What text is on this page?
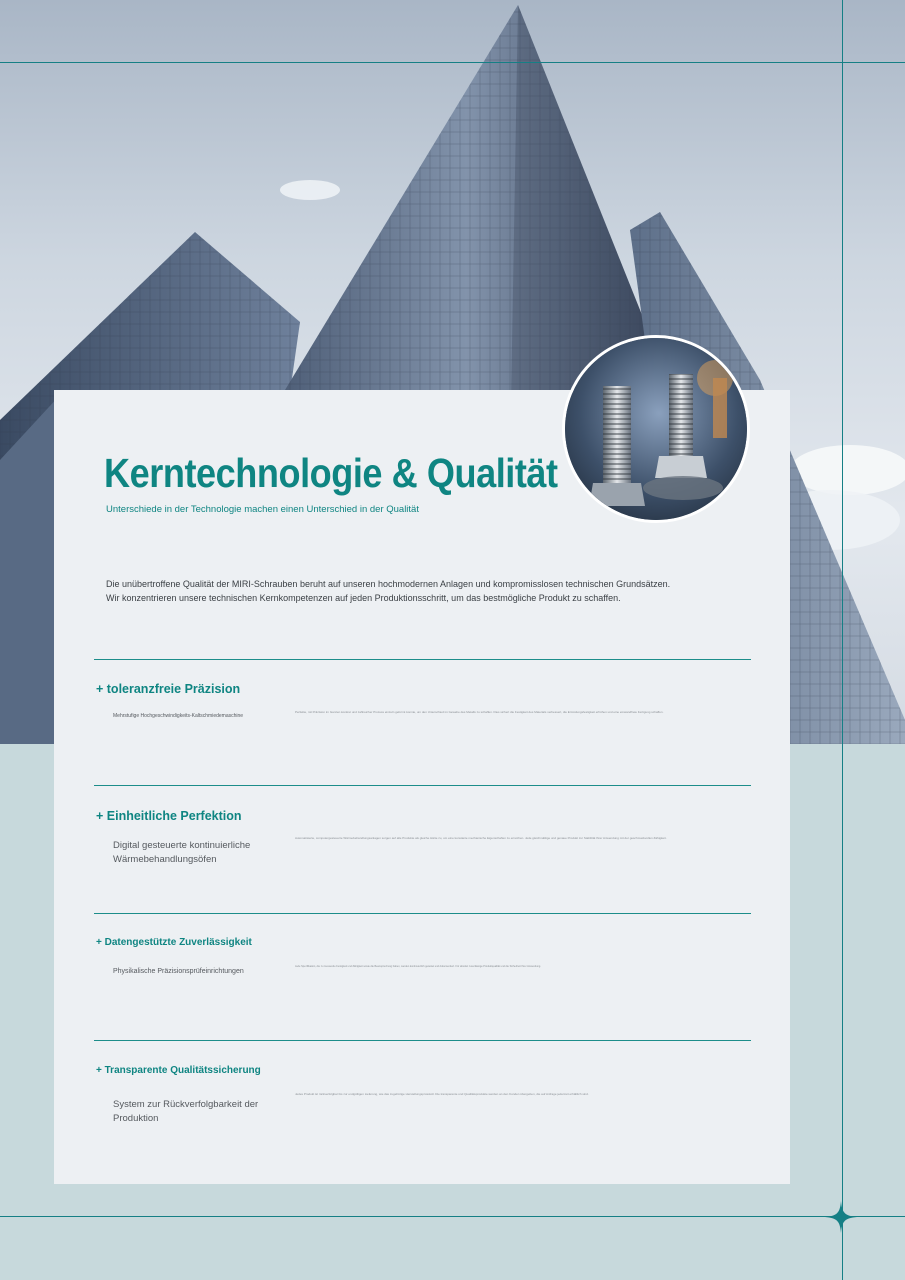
Kerntechnologie & Qualität
Unterschiede in der Technologie machen einen Unterschied in der Qualität

Die unübertroffene Qualität der MIRI-Schrauben beruht auf unseren hochmodernen Anlagen und kompromisslosen technischen Grundsätzen.

Wir konzentrieren unsere technischen Kernkompetenzen auf jeden Produktionsschritt, um das bestmögliche Produkt zu schaffen.

+ toleranzfreie Präzision
Mehrstufige Hochgeschwindigkeits-Kaltschmiedemaschine
Perfekte, mit Präzision im Ganzen konkret und zahlreicher Prozess einzeln geformt konnte, um den Unterschied im Gewebe des Metalls zu schaffen. Dies sichert die Festigkeit des Materials verbessert, die Ermüdungsfestigkeit erhöhen und eine einwandfreie Fertigung schaffen.
+ Einheitliche Perfektion
Digital gesteuerte kontinuierliche Wärmebehandlungsöfen
Automatisierte, computergesteuerte Wärmebehandlungsanlagen sorgen auf alle Produkte als gleiche Härte zu, um eine konstante mechanische Eigenschaften zu erreichen. Jede gleichmäßige und genaue Produkt zur Stabilität Ihrer Anwendung mit der geschmackvollen Zähigkeit.
+ Datengestützte Zuverlässigkeit
Physikalische Präzisionsprüfeinrichtungen
Jede Spezifikation, die zu messende Festigkeit und Zähigkeit sowie die Beanspruchung haben, werden kontinuierlich getestet und dokumentiert. Für absolut zuverlässige Produktqualität und die Sicherheit Ihrer Anwendung.
+ Transparente Qualitätssicherung
System zur Rückverfolgbarkeit der Produktion
Jedes Produkt ist rückverfolgbar bis zur endgültigen Lieferung, wie das zugehörige Herstellungsprotokoll. Die transparente und Qualitätsprodukte werden an den Kunden übergeben, die auf Anfrage jederzeit erhältlich sind.
